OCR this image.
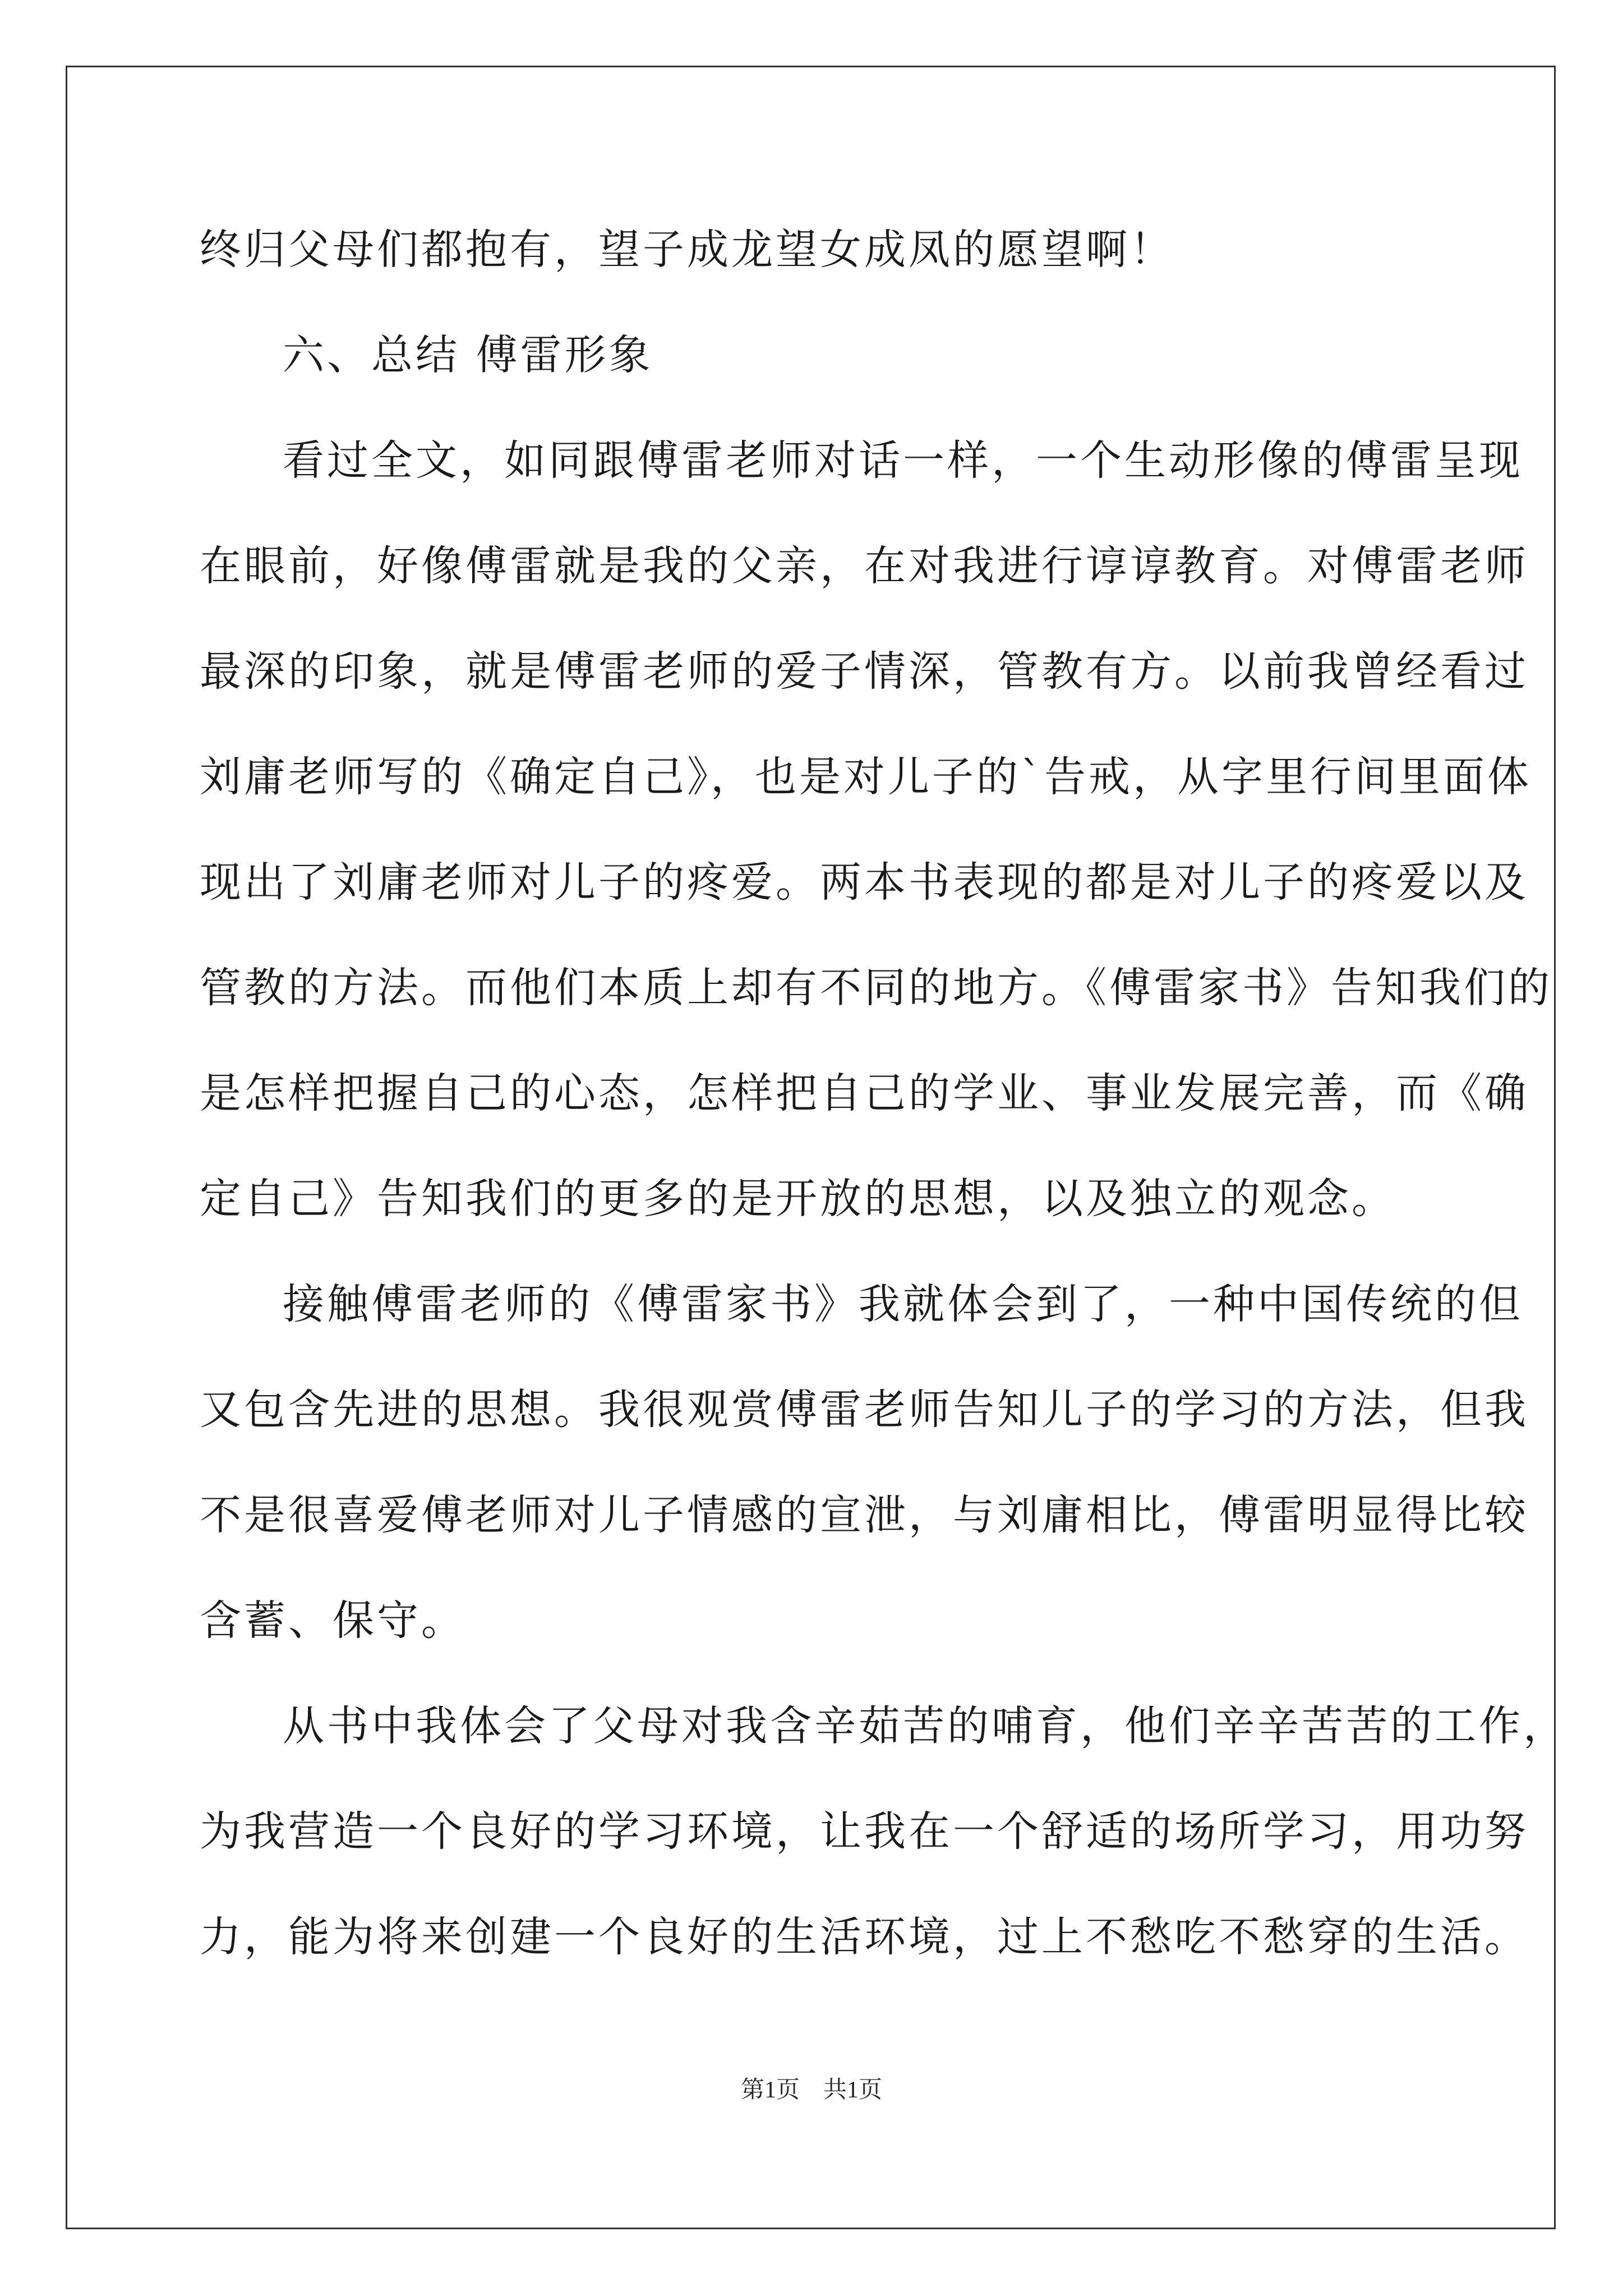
终归父母们都抱有，望子成龙望女成凤的愿望啊！
六、总结 傅雷形象
看过全文，如同跟傅雷老师对话一样，一个生动形像的傅雷呈现
在眼前，好像傅雷就是我的父亲，在对我进行谆谆教育。对傅雷老师
最深的印象，就是傅雷老师的爱子情深，管教有方。以前我曾经看过
刘庸老师写的《确定自己》，也是对儿子的`告戒，从字里行间里面体
现出了刘庸老师对儿子的疼爱。两本书表现的都是对儿子的疼爱以及
管教的方法。而他们本质上却有不同的地方。《傅雷家书》告知我们的
是怎样把握自己的心态，怎样把自己的学业、事业发展完善，而《确
定自己》告知我们的更多的是开放的思想，以及独立的观念。
接触傅雷老师的《傅雷家书》我就体会到了，一种中国传统的但
又包含先进的思想。我很观赏傅雷老师告知儿子的学习的方法，但我
不是很喜爱傅老师对儿子情感的宣泄，与刘庸相比，傅雷明显得比较
含蓄、保守。
从书中我体会了父母对我含辛茹苦的哺育，他们辛辛苦苦的工作，
为我营造一个良好的学习环境，让我在一个舒适的场所学习，用功努
力，能为将来创建一个良好的生活环境，过上不愁吃不愁穿的生活。
第1页　共1页
